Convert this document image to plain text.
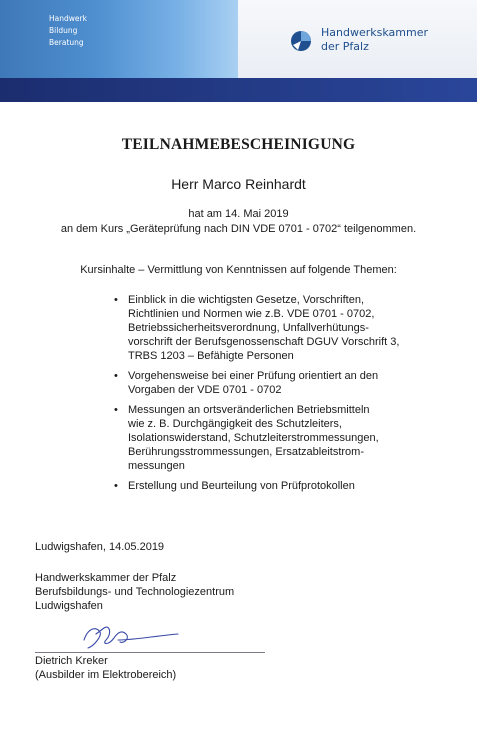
Handwerk
Bildung
Beratung
Handwerkskammer
der Pfalz
TEILNAHMEBESCHEINIGUNG
Herr Marco Reinhardt
hat am 14. Mai 2019
an dem Kurs „Geräteprüfung nach DIN VDE 0701 - 0702“ teilgenommen.
Kursinhalte – Vermittlung von Kenntnissen auf folgende Themen:
• Einblick in die wichtigsten Gesetze, Vorschriften,
Richtlinien und Normen wie z.B. VDE 0701 - 0702,
Betriebssicherheitsverordnung, Unfallverhütungs-
vorschrift der Berufsgenossenschaft DGUV Vorschrift 3,
TRBS 1203 – Befähigte Personen
• Vorgehensweise bei einer Prüfung orientiert an den
Vorgaben der VDE 0701 - 0702
• Messungen an ortsveränderlichen Betriebsmitteln
wie z. B. Durchgängigkeit des Schutzleiters,
Isolationswiderstand, Schutzleiterstrommessungen,
Berührungsstrommessungen, Ersatzableitstrom-
messungen
• Erstellung und Beurteilung von Prüfprotokollen
Ludwigshafen, 14.05.2019
Handwerkskammer der Pfalz
Berufsbildungs- und Technologiezentrum
Ludwigshafen
Dietrich Kreker
(Ausbilder im Elektrobereich)
